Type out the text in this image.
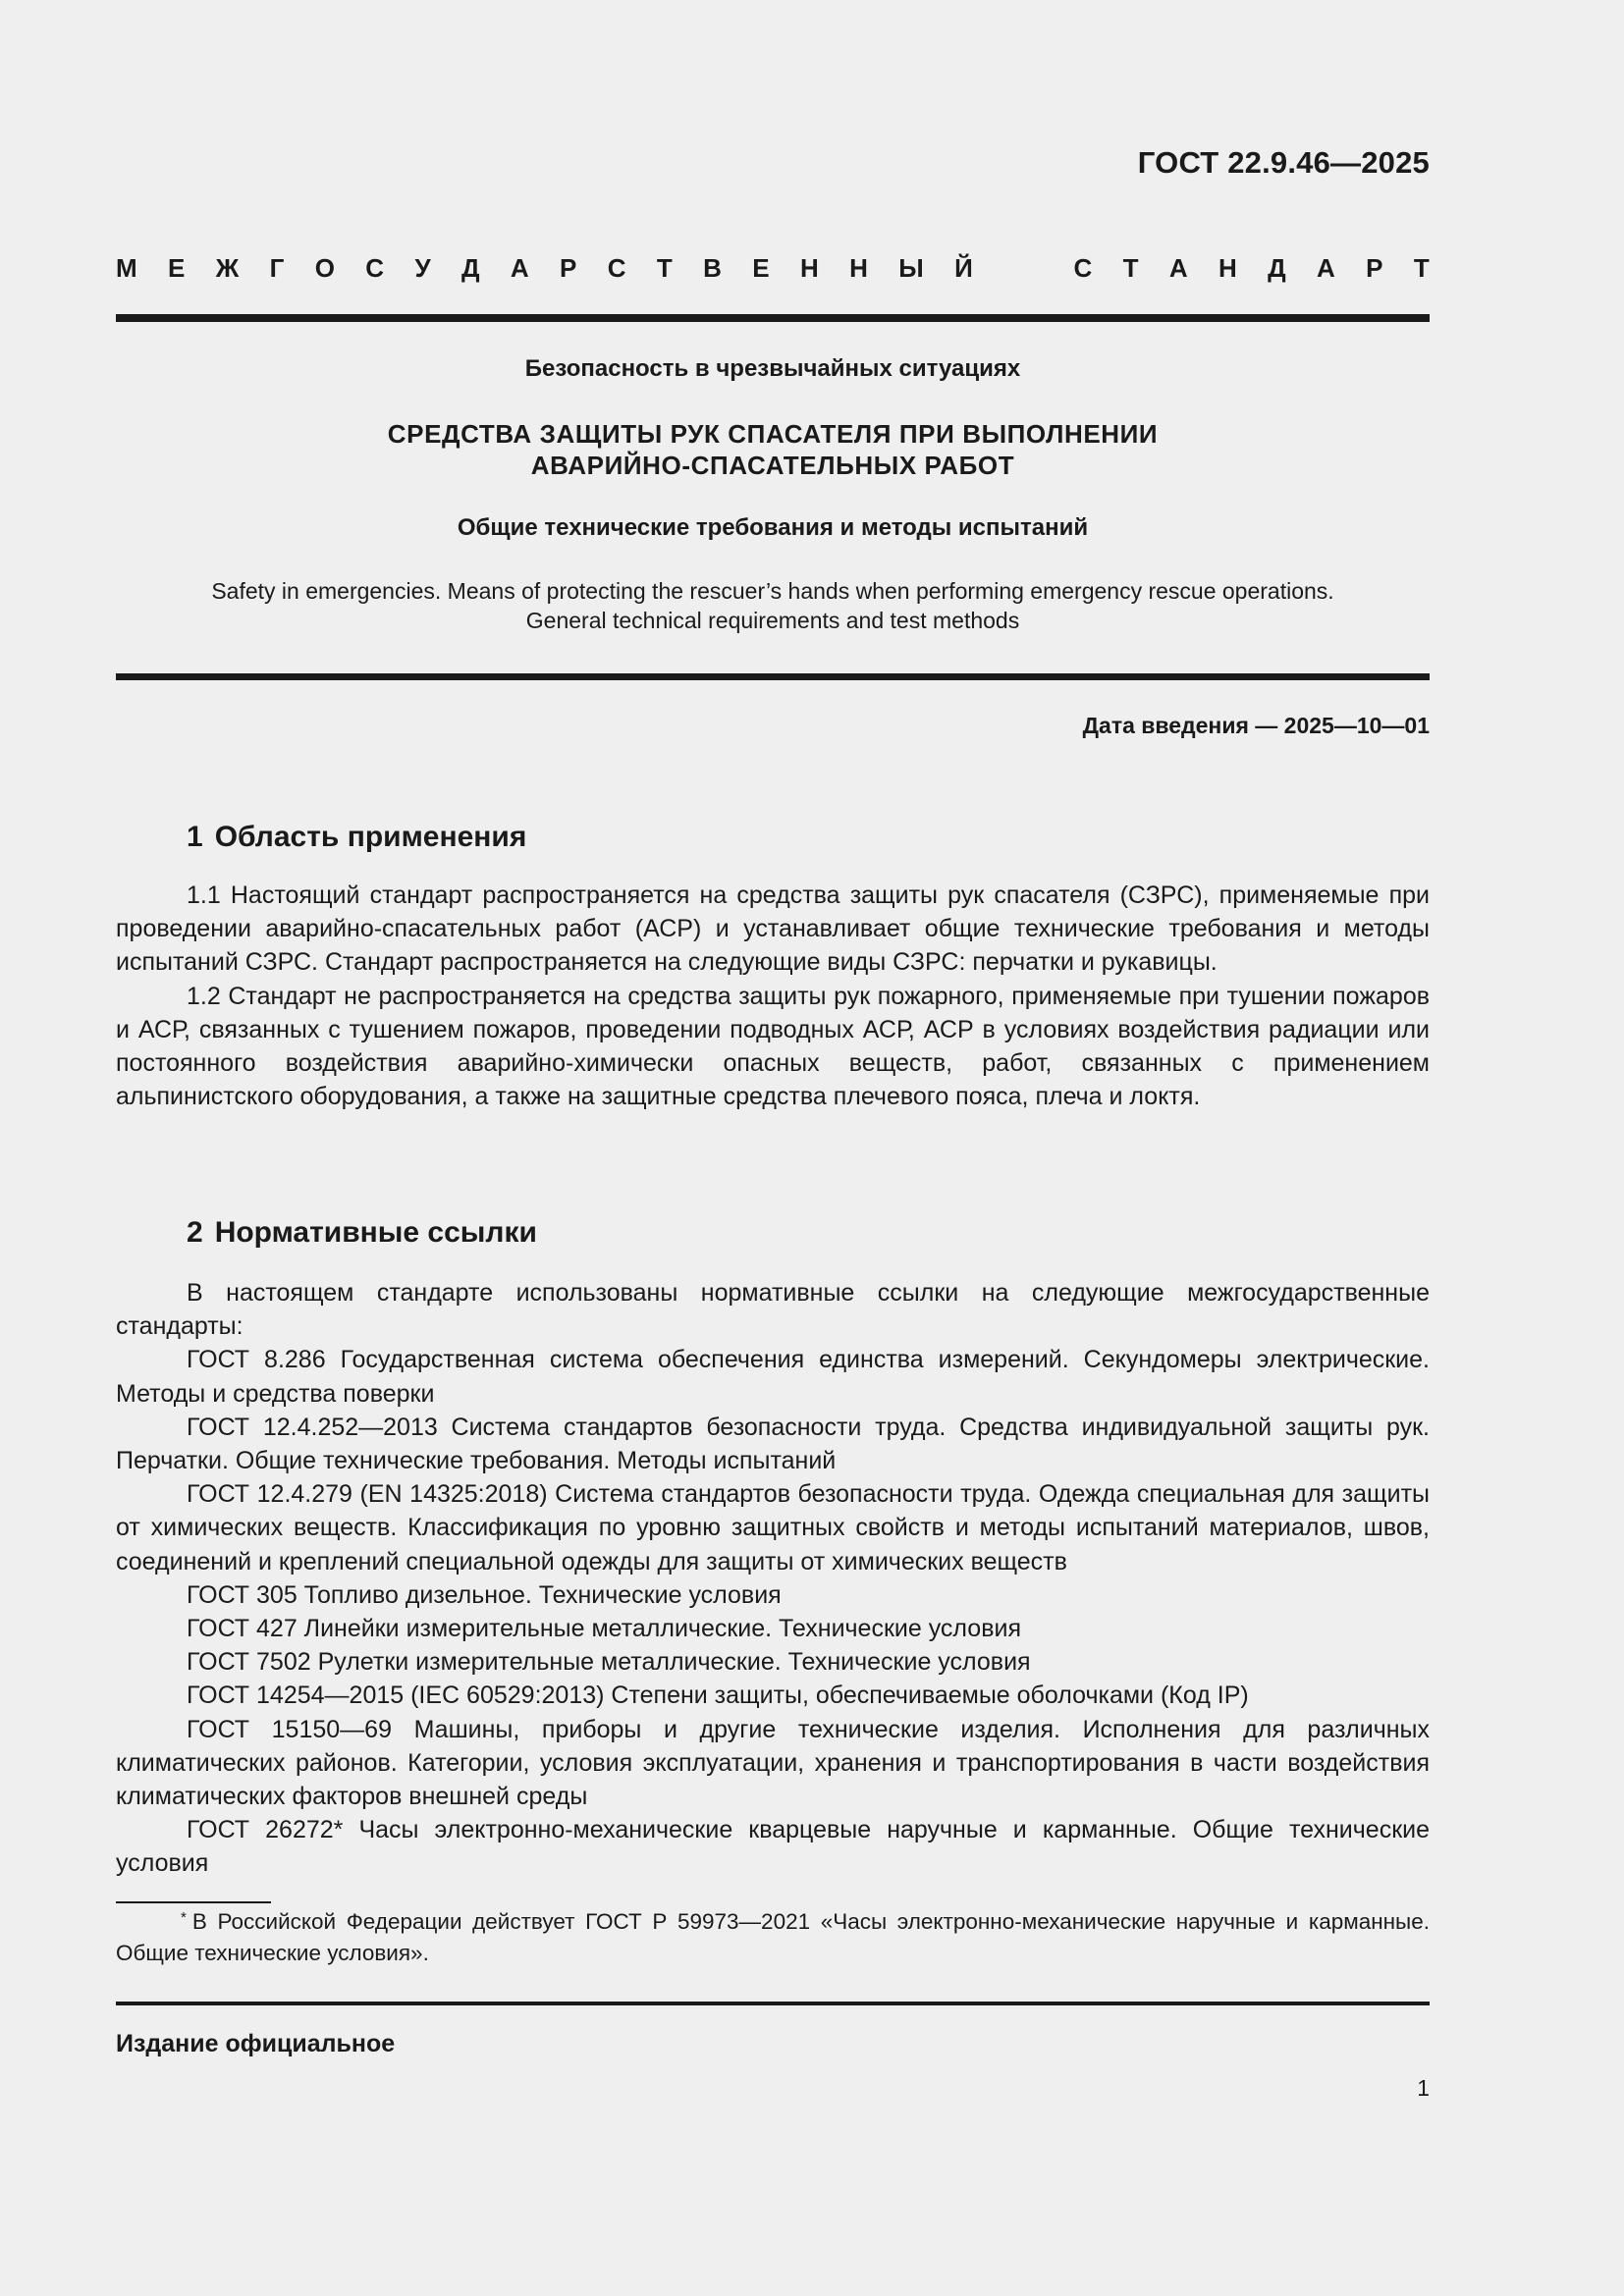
ГОСТ 22.9.46—2025
М Е Ж Г О С У Д А Р С Т В Е Н Н Ы Й	С Т А Н Д А Р Т
Безопасность в чрезвычайных ситуациях
СРЕДСТВА ЗАЩИТЫ РУК СПАСАТЕЛЯ ПРИ ВЫПОЛНЕНИИ
АВАРИЙНО-СПАСАТЕЛЬНЫХ РАБОТ
Общие технические требования и методы испытаний
Safety in emergencies. Means of protecting the rescuer’s hands when performing emergency rescue operations.
General technical requirements and test methods
Дата введения — 2025—10—01
1 Область применения

1.1 Настоящий стандарт распространяется на средства защиты рук спасателя (СЗРС), применяемые при проведении аварийно-спасательных работ (АСР) и устанавливает общие технические требования и методы испытаний СЗРС. Стандарт распространяется на следующие виды СЗРС: перчатки и рукавицы.

1.2 Стандарт не распространяется на средства защиты рук пожарного, применяемые при тушении пожаров и АСР, связанных с тушением пожаров, проведении подводных АСР, АСР в условиях воздействия радиации или постоянного воздействия аварийно-химически опасных веществ, работ, связанных с применением альпинистского оборудования, а также на защитные средства плечевого пояса, плеча и локтя.

2 Нормативные ссылки

В настоящем стандарте использованы нормативные ссылки на следующие межгосударственные стандарты:

ГОСТ 8.286 Государственная система обеспечения единства измерений. Секундомеры электрические. Методы и средства поверки

ГОСТ 12.4.252—2013 Система стандартов безопасности труда. Средства индивидуальной защиты рук. Перчатки. Общие технические требования. Методы испытаний

ГОСТ 12.4.279 (EN 14325:2018) Система стандартов безопасности труда. Одежда специальная для защиты от химических веществ. Классификация по уровню защитных свойств и методы испытаний материалов, швов, соединений и креплений специальной одежды для защиты от химических веществ

ГОСТ 305 Топливо дизельное. Технические условия

ГОСТ 427 Линейки измерительные металлические. Технические условия

ГОСТ 7502 Рулетки измерительные металлические. Технические условия

ГОСТ 14254—2015 (IEC 60529:2013) Степени защиты, обеспечиваемые оболочками (Код IP)

ГОСТ 15150—69 Машины, приборы и другие технические изделия. Исполнения для различных климатических районов. Категории, условия эксплуатации, хранения и транспортирования в части воздействия климатических факторов внешней среды

ГОСТ 26272* Часы электронно-механические кварцевые наручные и карманные. Общие технические условия

* В Российской Федерации действует ГОСТ Р 59973—2021 «Часы электронно-механические наручные и карманные. Общие технические условия».

Издание официальное
1
